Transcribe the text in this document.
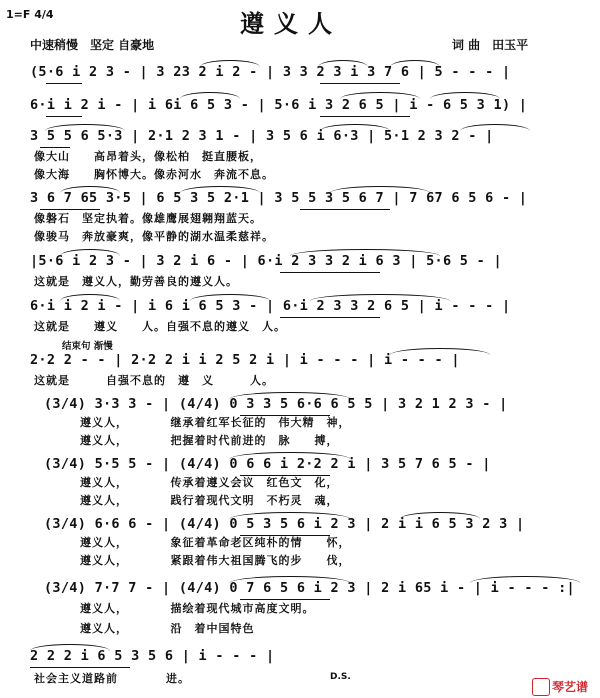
1=F 4/4	遵义人
中速稍慢　坚定 自豪地	词 曲　田玉平
(5·6 i 2 3 - | 3 23 2 i 2 - | 3 3 2 3 i 3 7 6 | 5 - - - |
6·i i 2 i - | i 6i 6 5 3 - | 5·6 i 3 2 6 5 | i - 6 5 3 1) |
3 5 5 6 5·3 | 2·1 2 3 1 - | 3 5 6 i 6·3 | 5·1 2 3 2 - |
像大山　　高昂着头，像松柏　挺直腰板，
像大海　　胸怀博大。像赤河水　奔流不息。
3 6 7 65 3·5 | 6 5 3 5 2·1 | 3 5 5 3 5 6 7 | 7 67 6 5 6 - |
像磐石　坚定执着。像雄鹰展翅翱翔蓝天。
像骏马　奔放豪爽，像平静的湖水温柔慈祥。
|5·6 i 2 3 - | 3 2 i 6 - | 6·i 2 3 3 2 i 6 3 | 5·6 5 - |
这就是　遵义人，勤劳善良的遵义人。
6·i i 2 i - | i 6 i 6 5 3 - | 6·i 2 3 3 2 6 5 | i - - - |
这就是　　遵义　　人。自强不息的遵义　人。
结束句 渐慢
2·2 2 - - | 2·2 2 i i 2 5 2 i | i - - - | i - - - |
这就是　　　自强不息的　遵　义　　　人。
(3/4) 3·3 3 - | (4/4) 0 3 3 5 6·6 6 5 5 | 3 2 1 2 3 - |
遵义人，　　　　继承着红军长征的　伟大精　神，
遵义人，　　　　把握着时代前进的　脉　　搏，
(3/4) 5·5 5 - | (4/4) 0 6 6 i 2·2 2 i | 3 5 7 6 5 - |
遵义人，　　　　传承着遵义会议　红色文　化，
遵义人，　　　　践行着现代文明　不朽灵　魂，
(3/4) 6·6 6 - | (4/4) 0 5 3 5 6 i 2 3 | 2 i i 6 5 3 2 3 |
遵义人，　　　　象征着革命老区纯朴的情　　怀，
遵义人，　　　　紧跟着伟大祖国腾飞的步　　伐，
(3/4) 7·7 7 - | (4/4) 0 7 6 5 6 i 2 3 | 2 i 65 i - | i - - - :|
遵义人，　　　　描绘着现代城市高度文明。
遵义人，　　　　沿　着中国特色
2 2 2 i 6 5 3 5 6 | i - - - |
社会主义道路前　　　　进。	D.S.
琴艺谱
